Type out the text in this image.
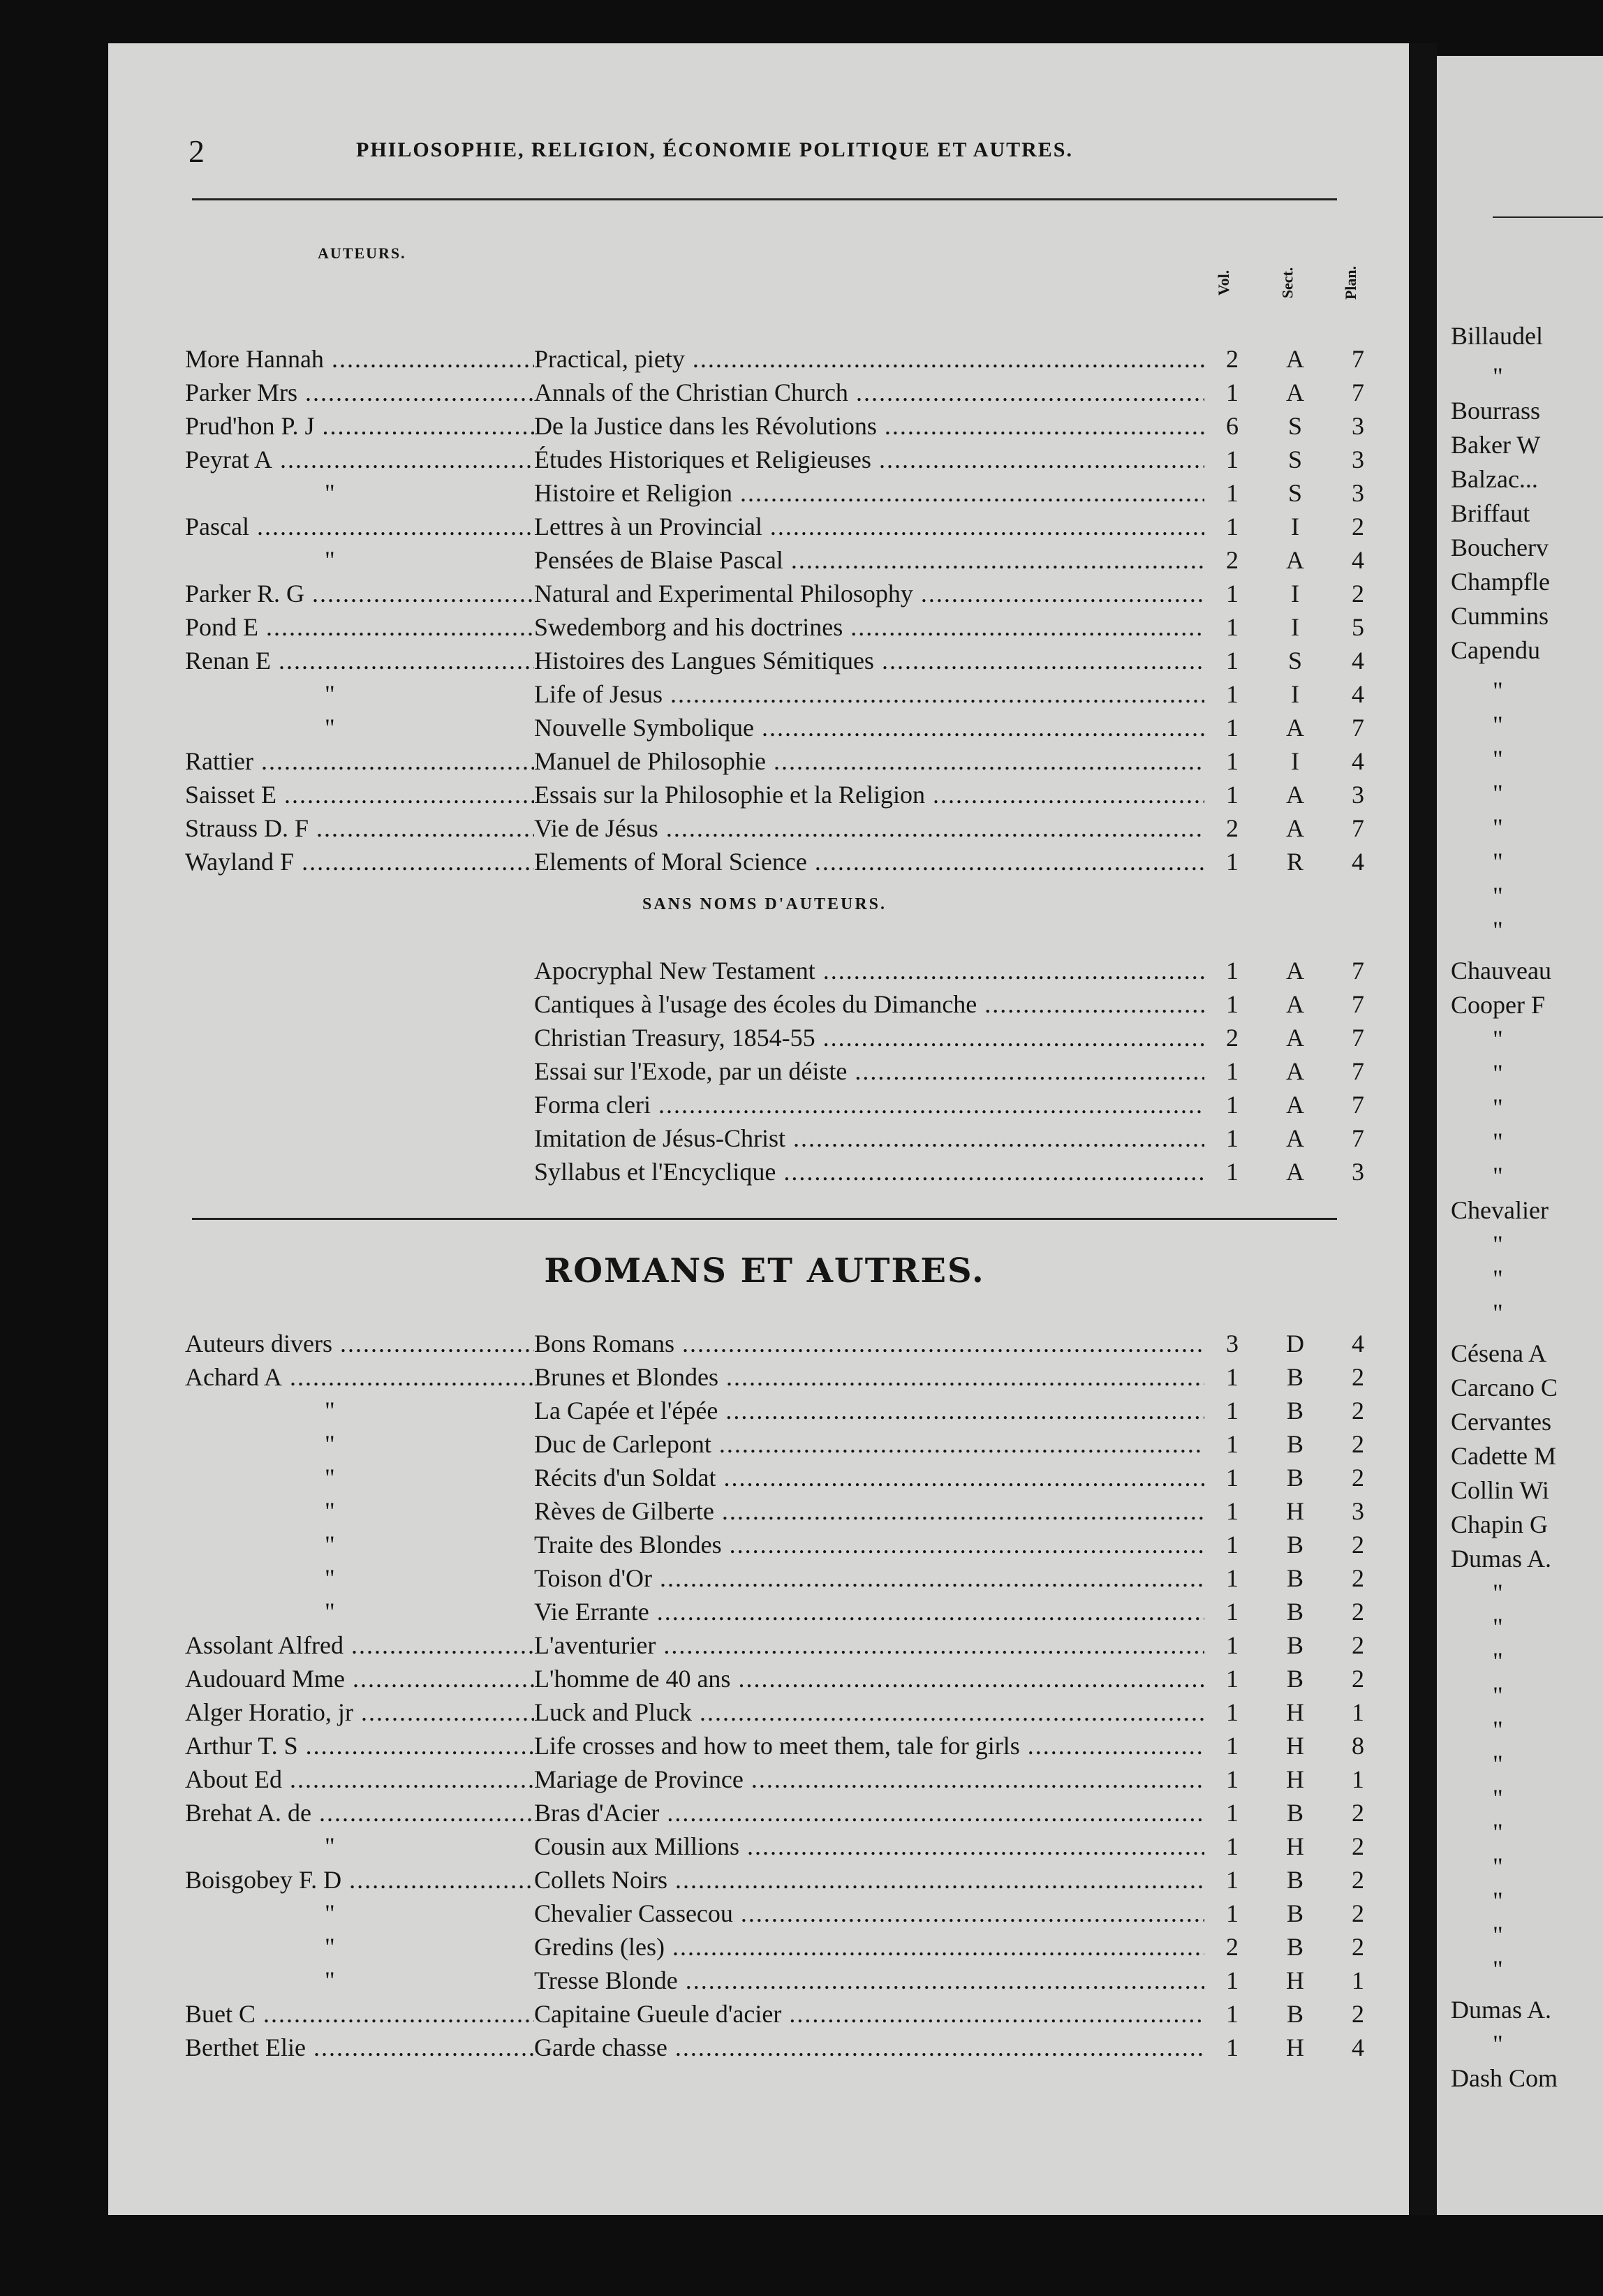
2	PHILOSOPHIE, RELIGION, ÉCONOMIE POLITIQUE ET AUTRES.
AUTEURS.
Vol.	Sect.	Plan.
More Hannah .....	Practical, piety .....	2	A	7
Parker Mrs .....	Annals of the Christian Church .....	1	A	7
Prud'hon P. J .....	De la Justice dans les Révolutions .....	6	S	3
Peyrat A .....	Études Historiques et Religieuses .....	1	S	3
"	Histoire et Religion .....	1	S	3
Pascal .....	Lettres à un Provincial .....	1	I	2
"	Pensées de Blaise Pascal .....	2	A	4
Parker R. G .....	Natural and Experimental Philosophy .....	1	I	2
Pond E .....	Swedemborg and his doctrines .....	1	I	5
Renan E .....	Histoires des Langues Sémitiques .....	1	S	4
"	Life of Jesus .....	1	I	4
"	Nouvelle Symbolique .....	1	A	7
Rattier .....	Manuel de Philosophie .....	1	I	4
Saisset E .....	Essais sur la Philosophie et la Religion .....	1	A	3
Strauss D. F .....	Vie de Jésus .....	2	A	7
Wayland F .....	Elements of Moral Science .....	1	R	4
SANS NOMS D'AUTEURS.
Apocryphal New Testament .....	1	A	7
Cantiques à l'usage des écoles du Dimanche .....	1	A	7
Christian Treasury, 1854-55 .....	2	A	7
Essai sur l'Exode, par un déiste .....	1	A	7
Forma cleri .....	1	A	7
Imitation de Jésus-Christ .....	1	A	7
Syllabus et l'Encyclique .....	1	A	3
ROMANS ET AUTRES.
Auteurs divers .....	Bons Romans .....	3	D	4
Achard A .....	Brunes et Blondes .....	1	B	2
"	La Capée et l'épée .....	1	B	2
"	Duc de Carlepont .....	1	B	2
"	Récits d'un Soldat .....	1	B	2
"	Rèves de Gilberte .....	1	H	3
"	Traite des Blondes .....	1	B	2
"	Toison d'Or .....	1	B	2
"	Vie Errante .....	1	B	2
Assolant Alfred .....	L'aventurier .....	1	B	2
Audouard Mme .....	L'homme de 40 ans .....	1	B	2
Alger Horatio, jr .....	Luck and Pluck .....	1	H	1
Arthur T. S .....	Life crosses and how to meet them, tale for girls .....	1	H	8
About Ed .....	Mariage de Province .....	1	H	1
Brehat A. de .....	Bras d'Acier .....	1	B	2
"	Cousin aux Millions .....	1	H	2
Boisgobey F. D .....	Collets Noirs .....	1	B	2
"	Chevalier Cassecou .....	1	B	2
"	Gredins (les) .....	2	B	2
"	Tresse Blonde .....	1	H	1
Buet C .....	Capitaine Gueule d'acier .....	1	B	2
Berthet Elie .....	Garde chasse .....	1	H	4
Billaudel
"
Bourrass
Baker W
Balzac...
Briffaut
Boucherv
Champfle
Cummins
Capendu
"
"
"
"
"
"
"
"
Chauveau
Cooper F
"
"
"
"
"
Chevalier
"
"
"
Césena A
Carcano C
Cervantes
Cadette M
Collin Wi
Chapin G
Dumas A.
"
"
"
"
"
"
"
"
"
"
"
"
Dumas A.
"
Dash Com
